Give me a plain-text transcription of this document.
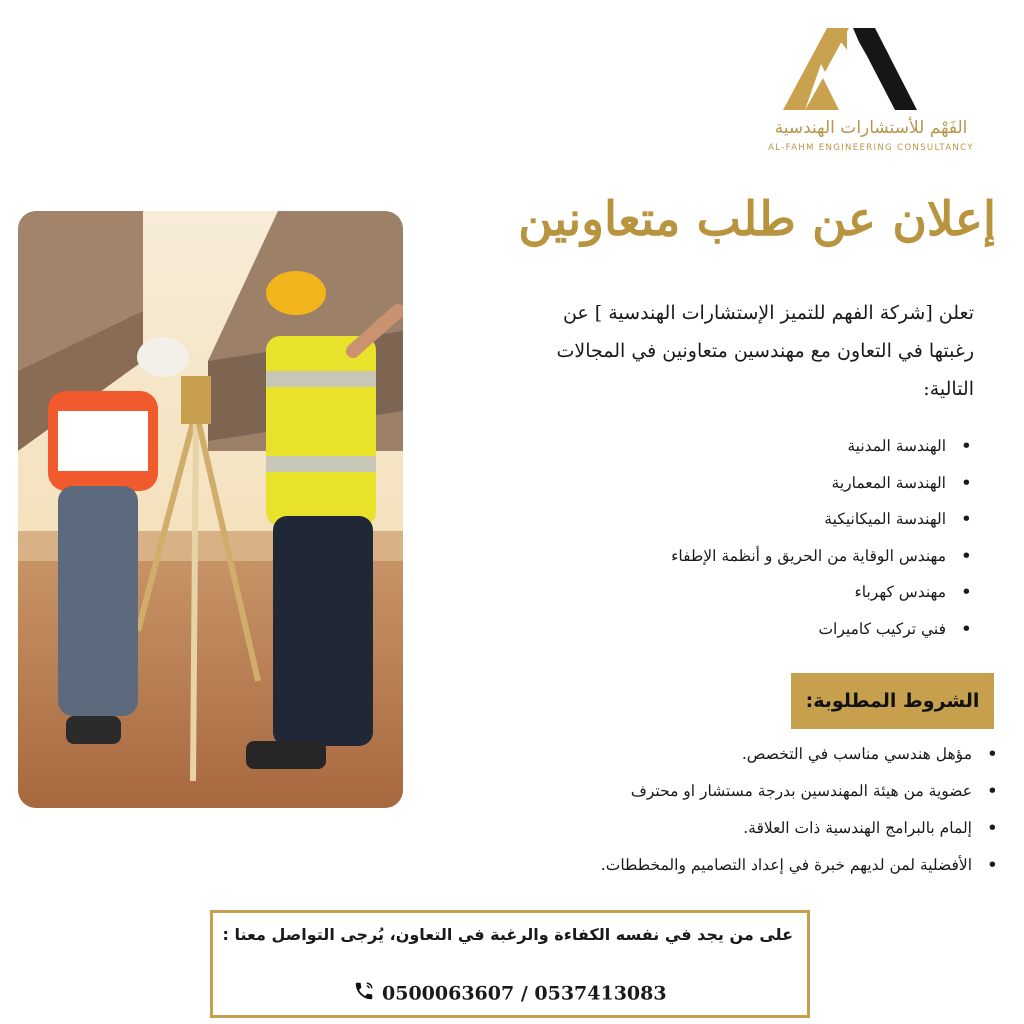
الفَهْم للأستشارات الهندسية
AL-FAHM ENGINEERING CONSULTANCY
إعلان عن طلب متعاونين
تعلن [شركة الفهم للتميز الإستشارات الهندسية ] عن
رغبتها في التعاون مع مهندسين متعاونين في المجالات
التالية:
• الهندسة المدنية
• الهندسة المعمارية
• الهندسة الميكانيكية
• مهندس الوقاية من الحريق و أنظمة الإطفاء
• مهندس كهرباء
• فني تركيب كاميرات
الشروط المطلوبة:
• مؤهل هندسي مناسب في التخصص.
• عضوية من هيئة المهندسين بدرجة مستشار او محترف
• إلمام بالبرامج الهندسية ذات العلاقة.
• الأفضلية لمن لديهم خبرة في إعداد التصاميم والمخططات.
على من يجد في نفسه الكفاءة والرغبة في التعاون، يُرجى التواصل معنا :
0500063607 / 0537413083
